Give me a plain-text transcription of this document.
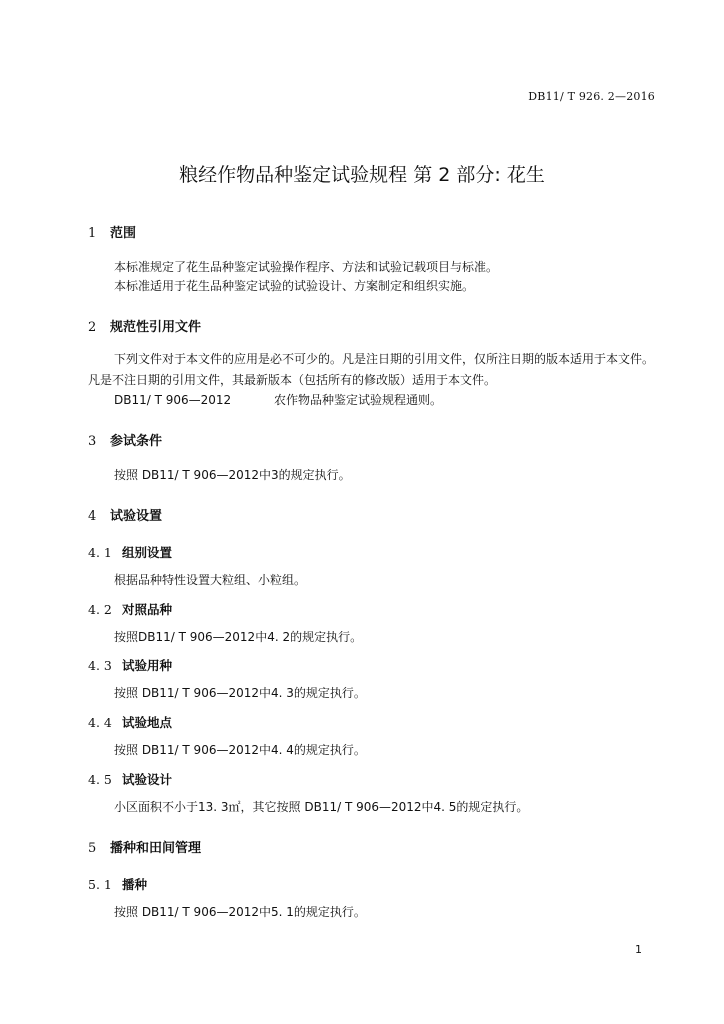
DB11/ T 926. 2—2016
粮经作物品种鉴定试验规程 第 2 部分: 花生
1 范围
本标准规定了花生品种鉴定试验操作程序、方法和试验记载项目与标准。
本标准适用于花生品种鉴定试验的试验设计、方案制定和组织实施。
2 规范性引用文件
下列文件对于本文件的应用是必不可少的。凡是注日期的引用文件，仅所注日期的版本适用于本文件。凡是不注日期的引用文件，其最新版本（包括所有的修改版）适用于本文件。
DB11/ T 906—2012	农作物品种鉴定试验规程通则。
3 参试条件
按照 DB11/ T 906—2012中3的规定执行。
4 试验设置
4. 1 组别设置
根据品种特性设置大粒组、小粒组。
4. 2 对照品种
按照DB11/ T 906—2012中4. 2的规定执行。
4. 3 试验用种
按照 DB11/ T 906—2012中4. 3的规定执行。
4. 4 试验地点
按照 DB11/ T 906—2012中4. 4的规定执行。
4. 5 试验设计
小区面积不小于13. 3㎡，其它按照 DB11/ T 906—2012中4. 5的规定执行。
5 播种和田间管理
5. 1 播种
按照 DB11/ T 906—2012中5. 1的规定执行。
1
